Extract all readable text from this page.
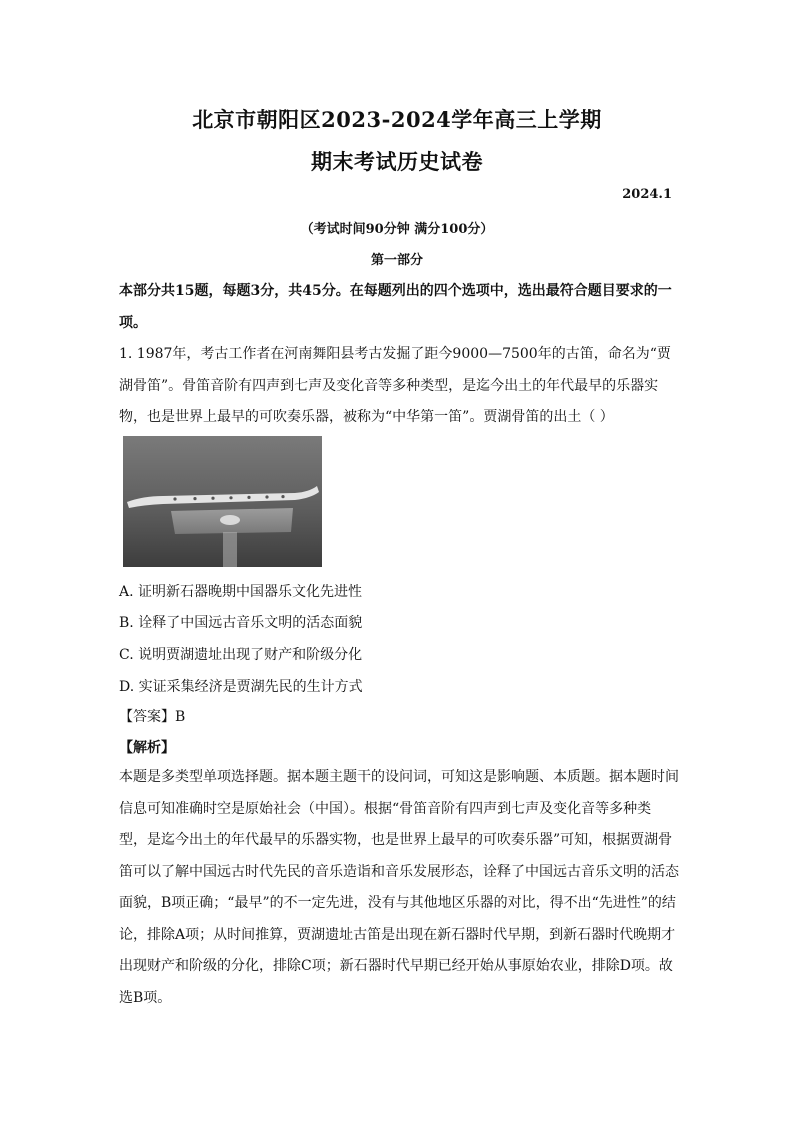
北京市朝阳区2023-2024学年高三上学期
期末考试历史试卷
2024.1
（考试时间90分钟 满分100分）
第一部分
本部分共15题，每题3分，共45分。在每题列出的四个选项中，选出最符合题目要求的一项。
1. 1987年，考古工作者在河南舞阳县考古发掘了距今9000—7500年的古笛，命名为“贾湖骨笛”。骨笛音阶有四声到七声及变化音等多种类型，是迄今出土的年代最早的乐器实物，也是世界上最早的可吹奏乐器，被称为“中华第一笛”。贾湖骨笛的出土（ ）
A. 证明新石器晚期中国器乐文化先进性
B. 诠释了中国远古音乐文明的活态面貌
C. 说明贾湖遗址出现了财产和阶级分化
D. 实证采集经济是贾湖先民的生计方式
【答案】B
【解析】
本题是多类型单项选择题。据本题主题干的设问词，可知这是影响题、本质题。据本题时间信息可知准确时空是原始社会（中国）。根据“骨笛音阶有四声到七声及变化音等多种类型，是迄今出土的年代最早的乐器实物，也是世界上最早的可吹奏乐器”可知，根据贾湖骨笛可以了解中国远古时代先民的音乐造诣和音乐发展形态，诠释了中国远古音乐文明的活态面貌，B项正确；“最早”的不一定先进，没有与其他地区乐器的对比，得不出“先进性”的结论，排除A项；从时间推算，贾湖遗址古笛是出现在新石器时代早期，到新石器时代晚期才出现财产和阶级的分化，排除C项；新石器时代早期已经开始从事原始农业，排除D项。故选B项。
